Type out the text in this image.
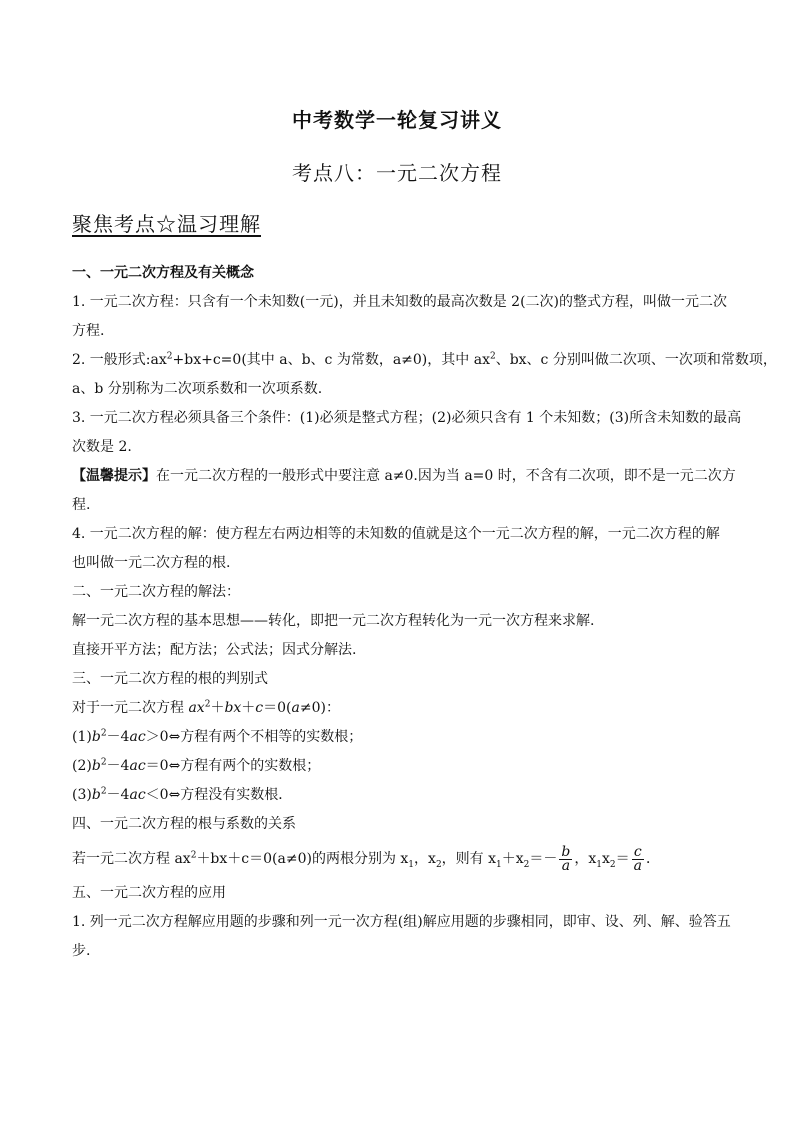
中考数学一轮复习讲义
考点八：一元二次方程
聚焦考点☆温习理解
一、一元二次方程及有关概念
1. 一元二次方程：只含有一个未知数(一元)，并且未知数的最高次数是 2(二次)的整式方程，叫做一元二次
方程.
2. 一般形式$:ax^2+bx+c=0$(其中 a、b、c 为常数，a≠0)，其中 $ax^2$、bx、c 分别叫做二次项、一次项和常数项，
a、b 分别称为二次项系数和一次项系数.
3. 一元二次方程必须具备三个条件：(1)必须是整式方程；(2)必须只含有 1 个未知数；(3)所含未知数的最高
次数是 2.
【温馨提示】在一元二次方程的一般形式中要注意 a≠0.因为当 a=0 时，不含有二次项，即不是一元二次方
程.
4. 一元二次方程的解：使方程左右两边相等的未知数的值就是这个一元二次方程的解，一元二次方程的解
也叫做一元二次方程的根.
二、一元二次方程的解法：
解一元二次方程的基本思想——转化，即把一元二次方程转化为一元一次方程来求解.
直接开平方法；配方法；公式法；因式分解法.
三、一元二次方程的根的判别式
对于一元二次方程 $ax^2+bx+c=0(a\ne 0)$：
$(1)b^2-4ac>0\Leftrightarrow$方程有两个不相等的实数根；
$(2)b^2-4ac=0\Leftrightarrow$方程有两个的实数根；
$(3)b^2-4ac<0\Leftrightarrow$方程没有实数根．
四、一元二次方程的根与系数的关系
若一元二次方程 $ax^2+bx+c=0(a\ne 0)$的两根分别为 $x_1$，$x_2$，则有 $x_1+x_2=- \frac{b}{a}$ ，$x_1x_2= \frac{c}{a}$ ．
五、一元二次方程的应用
1. 列一元二次方程解应用题的步骤和列一元一次方程(组)解应用题的步骤相同，即审、设、列、解、验答五
步.
